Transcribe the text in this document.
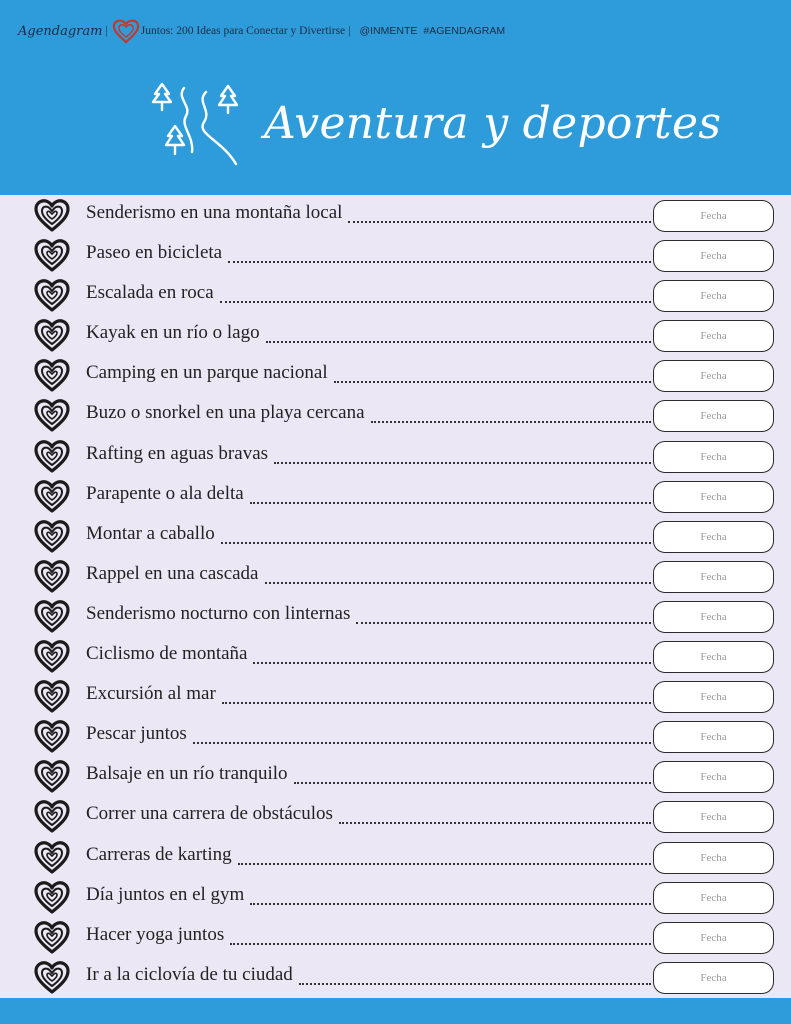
Agendagram |	Juntos: 200 Ideas para Conectar y Divertirse | @INMENTE #AGENDAGRAM
Aventura y deportes
Senderismo en una montaña local	Fecha
Paseo en bicicleta	Fecha
Escalada en roca	Fecha
Kayak en un río o lago	Fecha
Camping en un parque nacional	Fecha
Buzo o snorkel en una playa cercana	Fecha
Rafting en aguas bravas	Fecha
Parapente o ala delta	Fecha
Montar a caballo	Fecha
Rappel en una cascada	Fecha
Senderismo nocturno con linternas	Fecha
Ciclismo de montaña	Fecha
Excursión al mar	Fecha
Pescar juntos	Fecha
Balsaje en un río tranquilo	Fecha
Correr una carrera de obstáculos	Fecha
Carreras de karting	Fecha
Día juntos en el gym	Fecha
Hacer yoga juntos	Fecha
Ir a la ciclovía de tu ciudad	Fecha
